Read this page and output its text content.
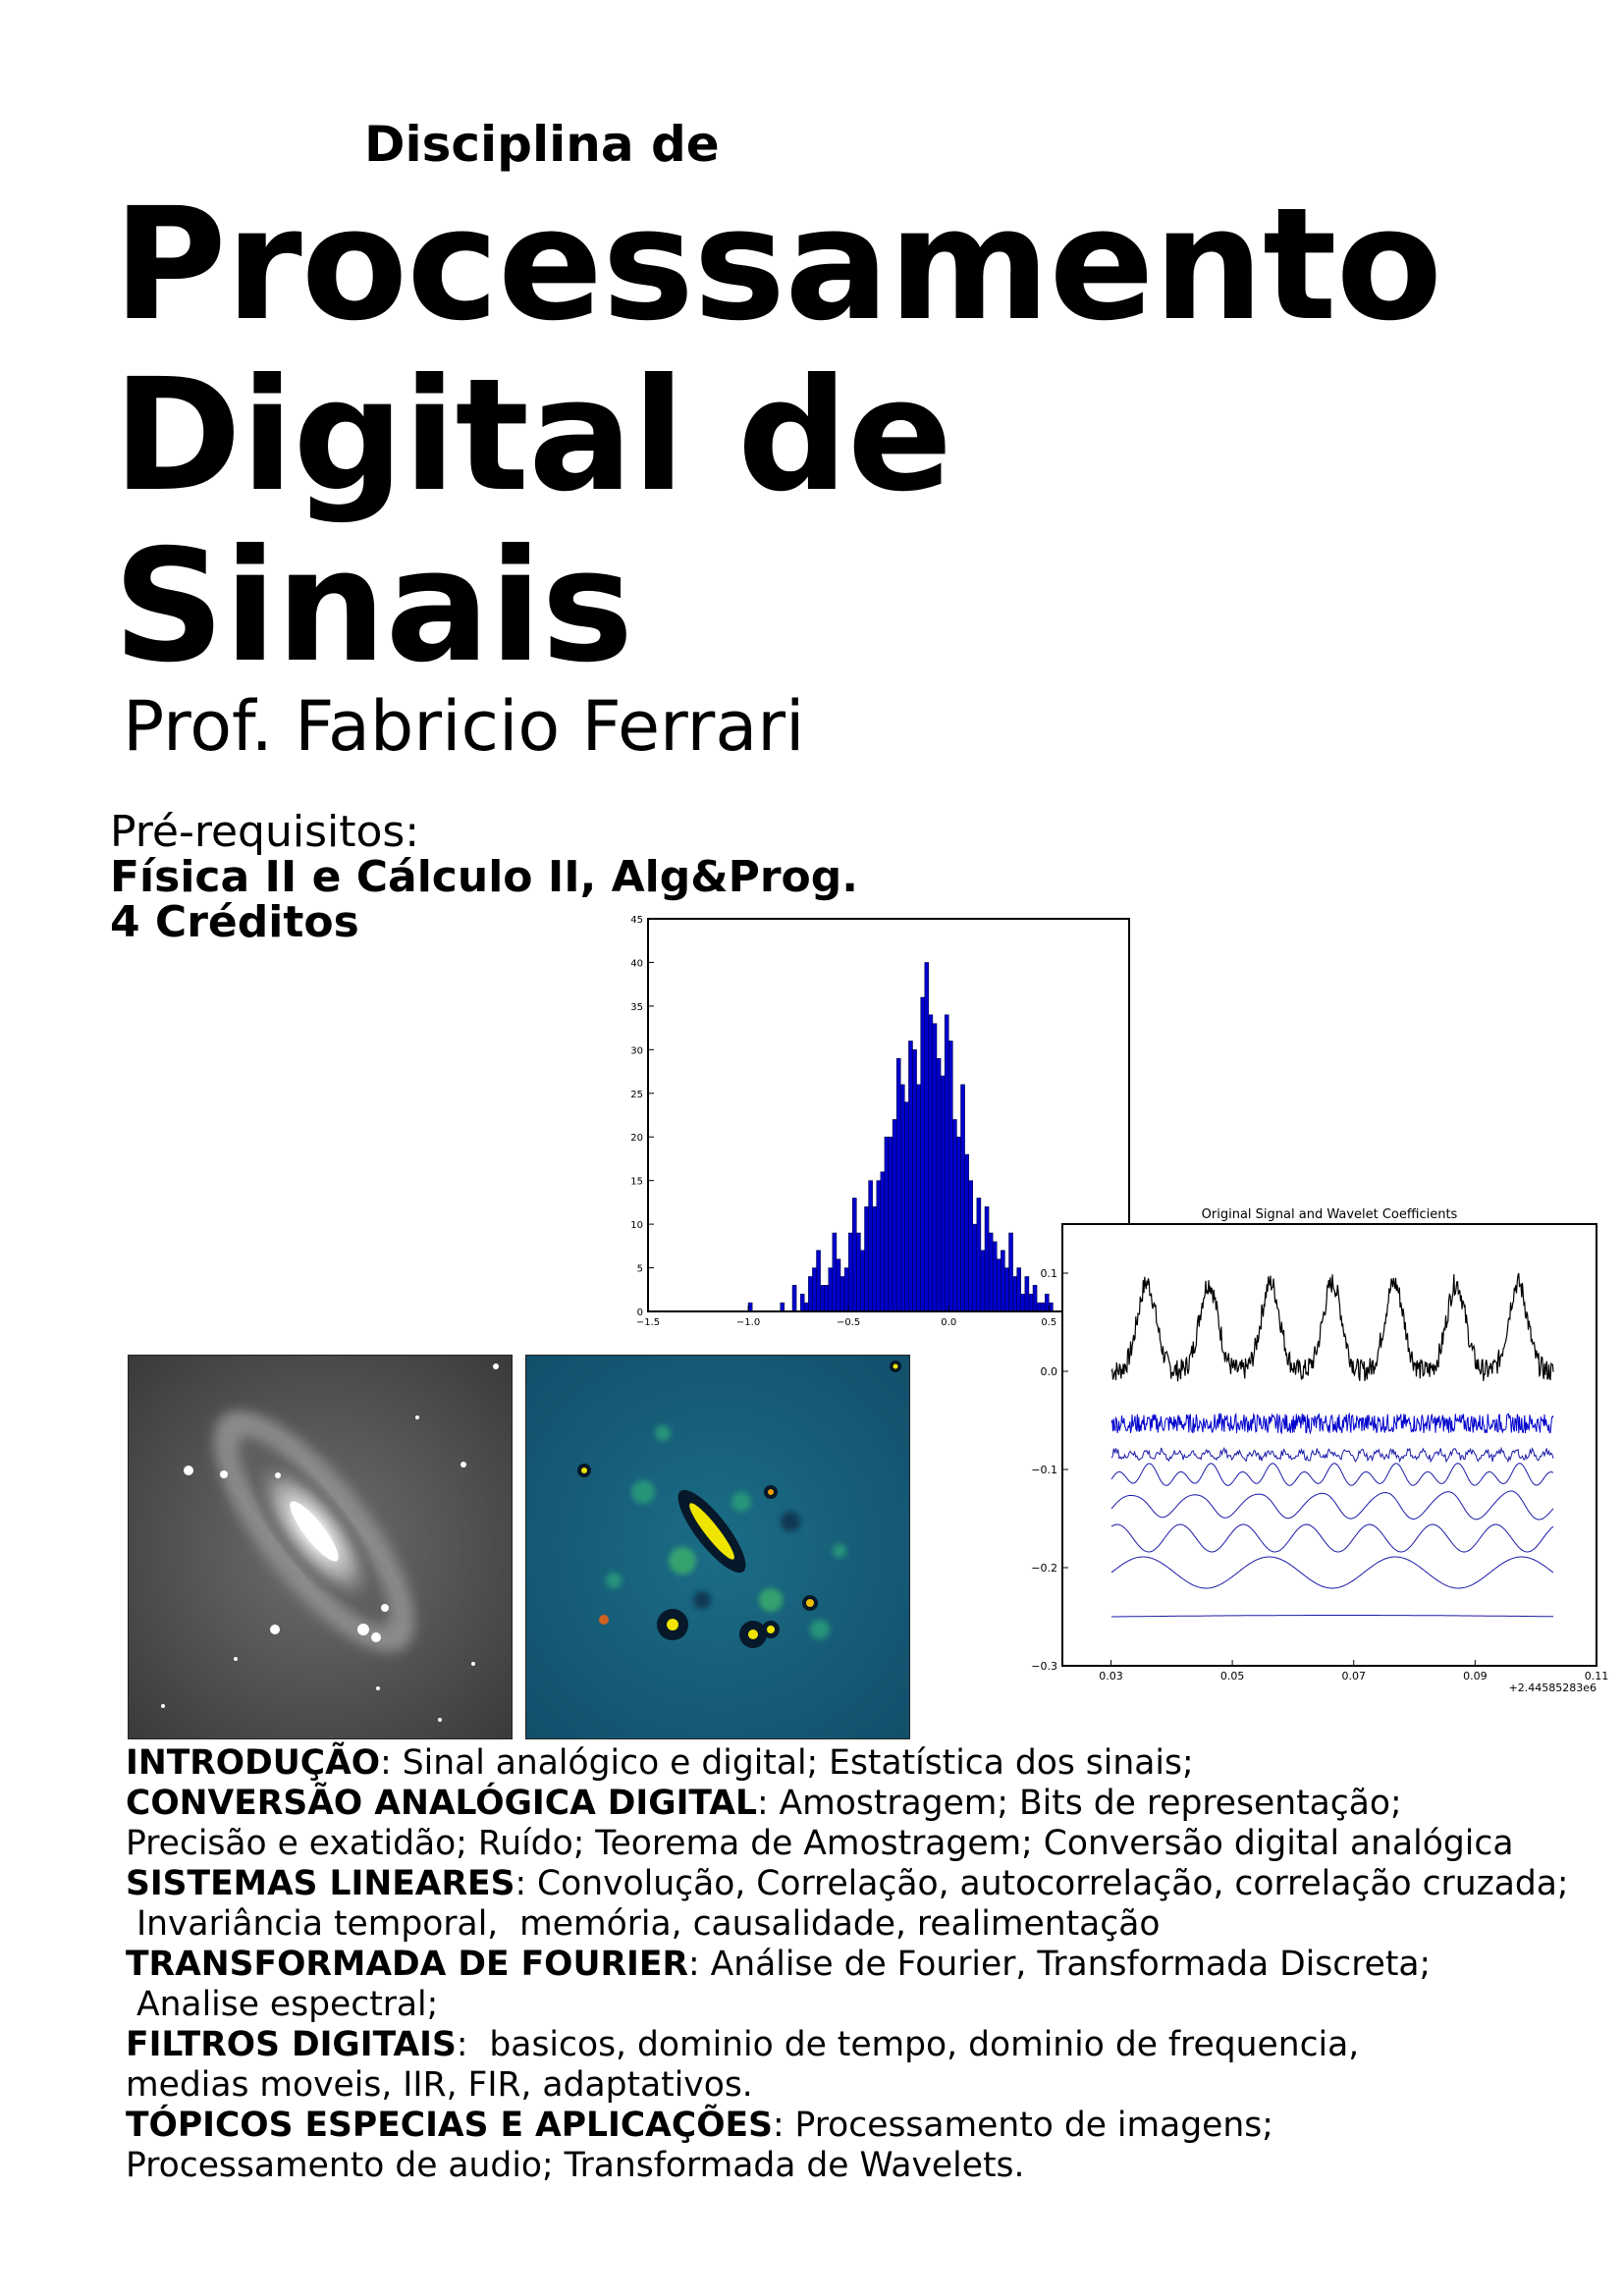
Disciplina de
Processamento
Digital de
Sinais
Prof. Fabricio Ferrari
Pré-requisitos:
Física II e Cálculo II, Alg&Prog.
4 Créditos
0
5
10
15
20
25
30
35
40
45
−1.5	−1.0	−0.5	0.0	0.5
Original Signal and Wavelet Coefficients
0.1
0.0
−0.1
−0.2
−0.3
0.03	0.05	0.07	0.09	0.11
+2.44585283e6
INTRODUÇÃO: Sinal analógico e digital; Estatística dos sinais;
CONVERSÃO ANALÓGICA DIGITAL: Amostragem; Bits de representação;
Precisão e exatidão; Ruído; Teorema de Amostragem; Conversão digital analógica
SISTEMAS LINEARES: Convolução, Correlação, autocorrelação, correlação cruzada;
Invariância temporal,  memória, causalidade, realimentação
TRANSFORMADA DE FOURIER: Análise de Fourier, Transformada Discreta;
Analise espectral;
FILTROS DIGITAIS:  basicos, dominio de tempo, dominio de frequencia,
medias moveis, IIR, FIR, adaptativos.
TÓPICOS ESPECIAS E APLICAÇÕES: Processamento de imagens;
Processamento de audio; Transformada de Wavelets.
